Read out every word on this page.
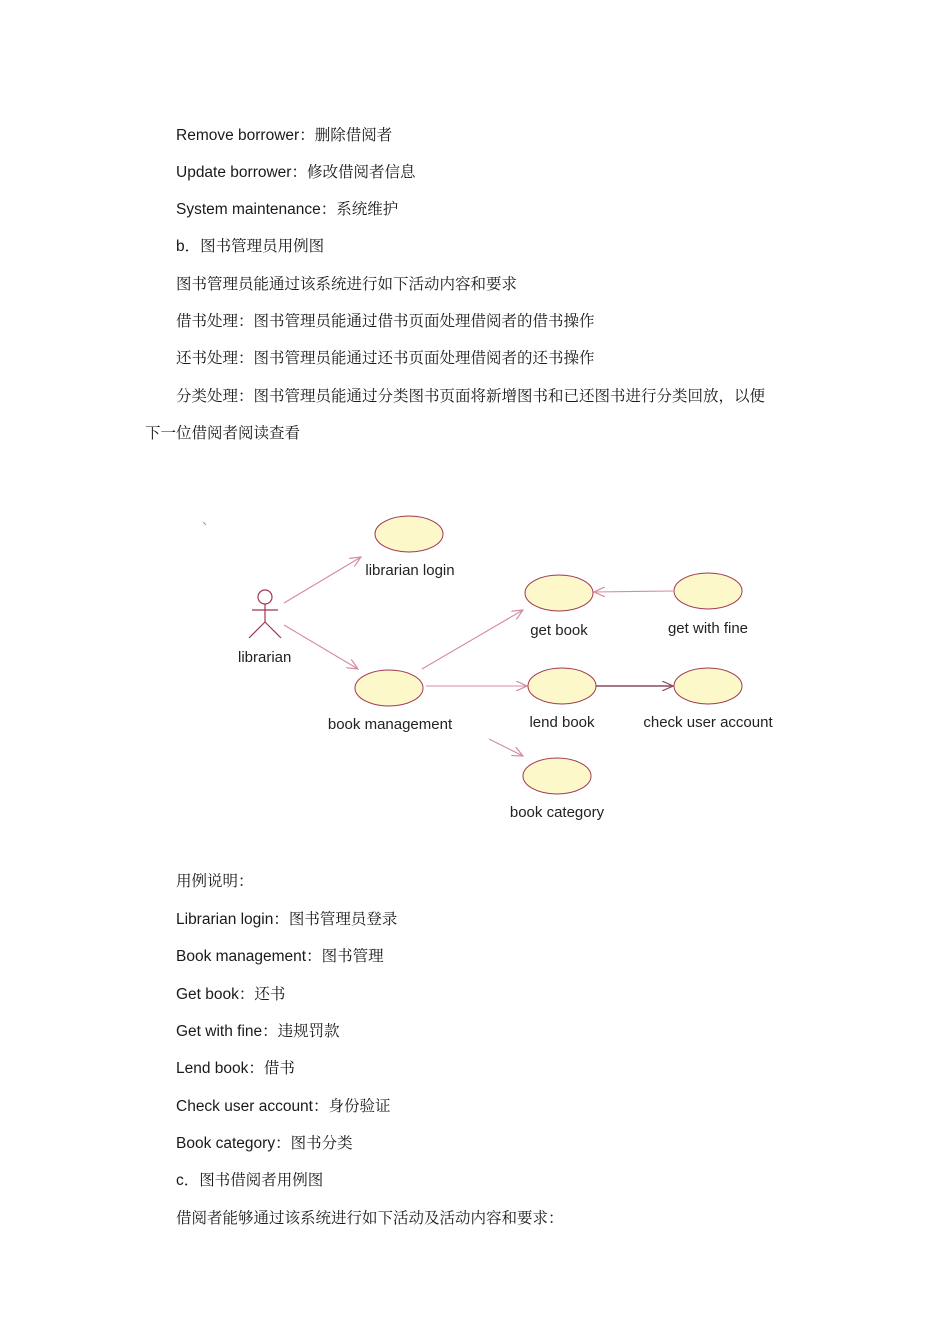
Remove borrower：删除借阅者
Update borrower：修改借阅者信息
System maintenance：系统维护
b．图书管理员用例图
图书管理员能通过该系统进行如下活动内容和要求
借书处理：图书管理员能通过借书页面处理借阅者的借书操作
还书处理：图书管理员能通过还书页面处理借阅者的还书操作
分类处理：图书管理员能通过分类图书页面将新增图书和已还图书进行分类回放，以便
下一位借阅者阅读查看
librarian
librarian login
book management
get book	get with fine
lend book	check user account
book category
用例说明：
Librarian login：图书管理员登录
Book management：图书管理
Get book：还书
Get with fine：违规罚款
Lend book：借书
Check user account：身份验证
Book category：图书分类
c．图书借阅者用例图
借阅者能够通过该系统进行如下活动及活动内容和要求：
